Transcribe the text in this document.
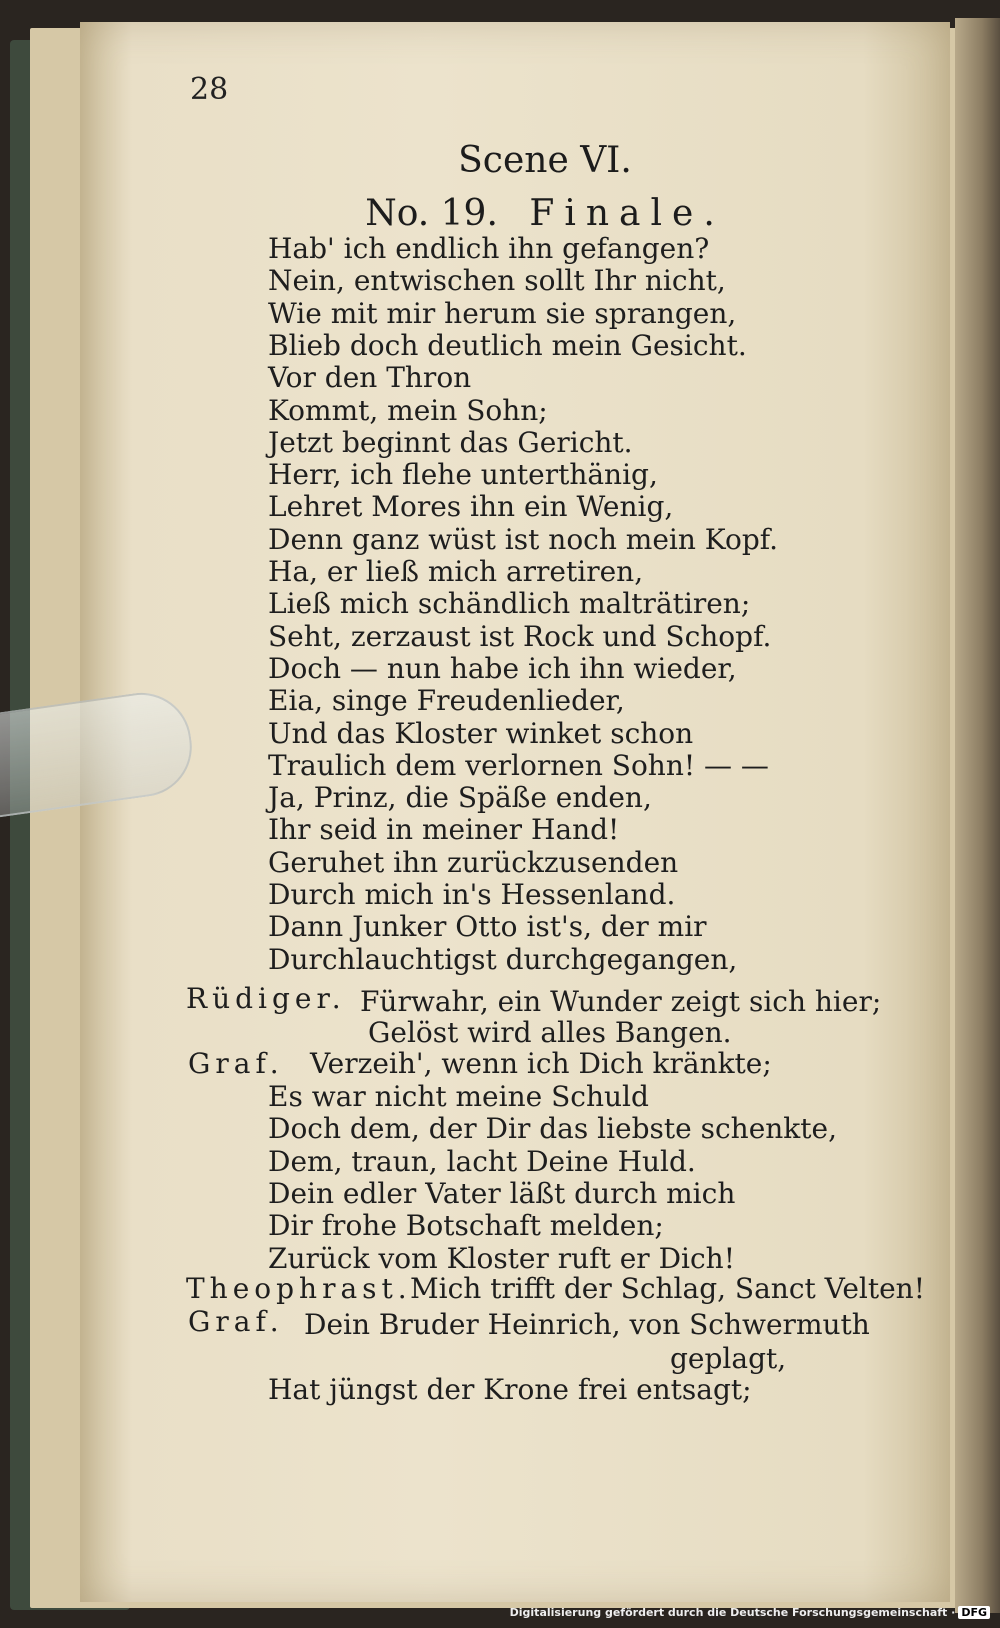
28
Scene VI.
No. 19. Finale.
Hab' ich endlich ihn gefangen?
Nein, entwischen sollt Ihr nicht,
Wie mit mir herum sie sprangen,
Blieb doch deutlich mein Gesicht.
Vor den Thron
Kommt, mein Sohn;
Jetzt beginnt das Gericht.
Herr, ich flehe unterthänig,
Lehret Mores ihn ein Wenig,
Denn ganz wüst ist noch mein Kopf.
Ha, er ließ mich arretiren,
Ließ mich schändlich malträtiren;
Seht, zerzaust ist Rock und Schopf.
Doch — nun habe ich ihn wieder,
Eia, singe Freudenlieder,
Und das Kloster winket schon
Traulich dem verlornen Sohn! — —
Ja, Prinz, die Späße enden,
Ihr seid in meiner Hand!
Geruhet ihn zurückzusenden
Durch mich in's Hessenland.
Dann Junker Otto ist's, der mir
Durchlauchtigst durchgegangen,
Rüdiger. Fürwahr, ein Wunder zeigt sich hier;
Gelöst wird alles Bangen.
Graf. Verzeih', wenn ich Dich kränkte;
Es war nicht meine Schuld
Doch dem, der Dir das liebste schenkte,
Dem, traun, lacht Deine Huld.
Dein edler Vater läßt durch mich
Dir frohe Botschaft melden;
Zurück vom Kloster ruft er Dich!
Theophrast.
Mich trifft der Schlag, Sanct Velten!
Graf. Dein Bruder Heinrich, von Schwermuth
geplagt,
Hat jüngst der Krone frei entsagt;
Digitalisierung gefördert durch die Deutsche Forschungsgemeinschaft · DFG
